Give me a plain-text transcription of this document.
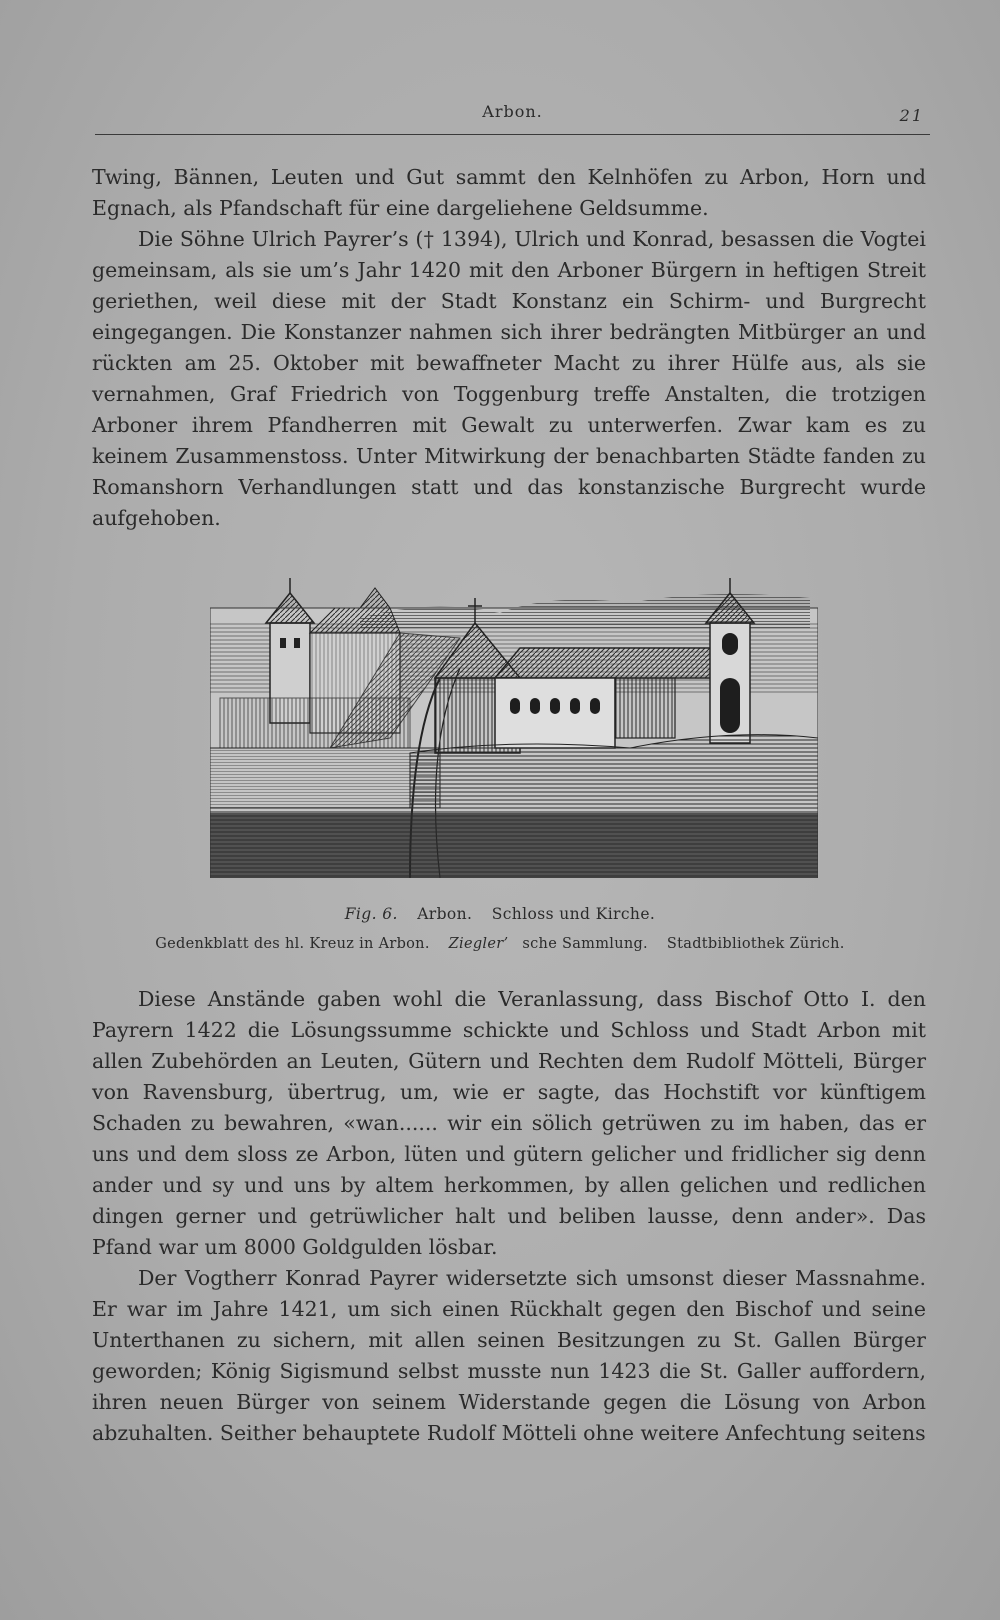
Arbon.	21

Twing, Bännen, Leuten und Gut sammt den Kelnhöfen zu Arbon, Horn und Egnach, als Pfandschaft für eine dargeliehene Geldsumme.

Die Söhne Ulrich Payrer’s († 1394), Ulrich und Konrad, besassen die Vogtei gemeinsam, als sie um’s Jahr 1420 mit den Arboner Bürgern in heftigen Streit geriethen, weil diese mit der Stadt Konstanz ein Schirm- und Burgrecht eingegangen. Die Konstanzer nahmen sich ihrer bedrängten Mitbürger an und rückten am 25. Oktober mit bewaffneter Macht zu ihrer Hülfe aus, als sie vernahmen, Graf Friedrich von Toggenburg treffe Anstalten, die trotzigen Arboner ihrem Pfandherren mit Gewalt zu unterwerfen. Zwar kam es zu keinem Zusammenstoss. Unter Mitwirkung der benachbarten Städte fanden zu Romanshorn Verhandlungen statt und das konstanzische Burgrecht wurde aufgehoben.

Fig. 6. Arbon. Schloss und Kirche.
Gedenkblatt des hl. Kreuz in Arbon. Ziegler’ sche Sammlung. Stadtbibliothek Zürich.

Diese Anstände gaben wohl die Veranlassung, dass Bischof Otto I. den Payrern 1422 die Lösungssumme schickte und Schloss und Stadt Arbon mit allen Zubehörden an Leuten, Gütern und Rechten dem Rudolf Mötteli, Bürger von Ravensburg, übertrug, um, wie er sagte, das Hochstift vor künftigem Schaden zu bewahren, «wan...... wir ein sölich getrüwen zu im haben, das er uns und dem sloss ze Arbon, lüten und gütern gelicher und fridlicher sig denn ander und sy und uns by altem herkommen, by allen gelichen und redlichen dingen gerner und getrüwlicher halt und beliben lausse, denn ander». Das Pfand war um 8000 Goldgulden lösbar.

Der Vogtherr Konrad Payrer widersetzte sich umsonst dieser Massnahme. Er war im Jahre 1421, um sich einen Rückhalt gegen den Bischof und seine Unterthanen zu sichern, mit allen seinen Besitzungen zu St. Gallen Bürger geworden; König Sigismund selbst musste nun 1423 die St. Galler auffordern, ihren neuen Bürger von seinem Widerstande gegen die Lösung von Arbon abzuhalten. Seither behauptete Rudolf Mötteli ohne weitere Anfechtung seitens
